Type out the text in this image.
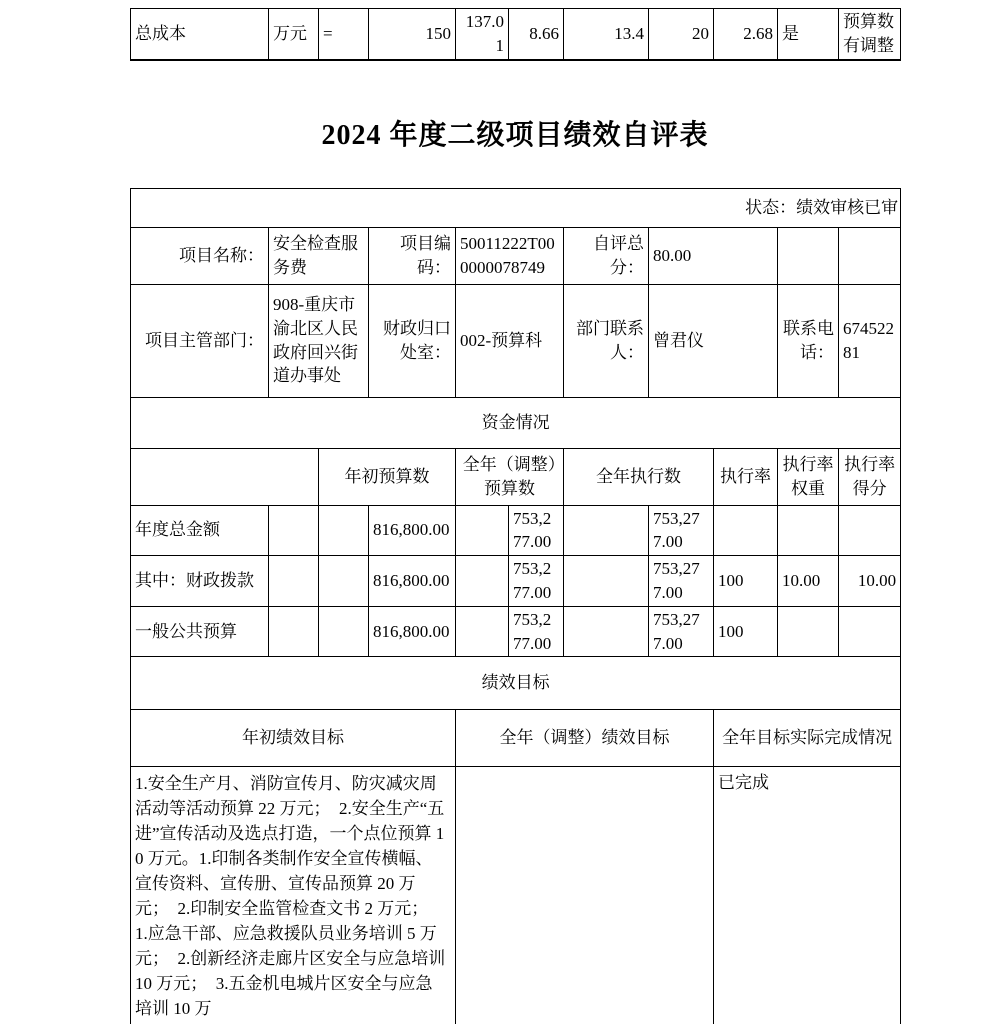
总成本	万元	=	150	137.01	8.66	13.4	20	2.68	是	预算数有调整
2024 年度二级项目绩效自评表
状态：绩效审核已审										
项目名称：	安全检查服务费		项目编码：	50011222T000000078749		自评总分：	80.00			
项目主管部门：	908-重庆市渝北区人民政府回兴街道办事处		财政归口处室：	002-预算科		部门联系人：	曾君仪		联系电话：	67452281
资金情况										
		年初预算数		全年（调整）预算数		全年执行数		执行率	执行率权重	执行率得分
年度总金额			816,800.00		753,277.00		753,277.00			
其中：财政拨款			816,800.00		753,277.00		753,277.00	100	10.00	10.00
一般公共预算			816,800.00		753,277.00		753,277.00	100		
绩效目标										
年初绩效目标				全年（调整）绩效目标				全年目标实际完成情况		
1.安全生产月、消防宣传月、防灾减灾周活动等活动预算 22 万元；  2.安全生产“五进”宣传活动及选点打造，一个点位预算 10 万元。1.印制各类制作安全宣传横幅、宣传资料、宣传册、宣传品预算 20 万元；  2.印制安全监管检查文书 2 万元；  1.应急干部、应急救援队员业务培训 5 万元；  2.创新经济走廊片区安全与应急培训 10 万元；  3.五金机电城片区安全与应急培训 10 万								已完成		
